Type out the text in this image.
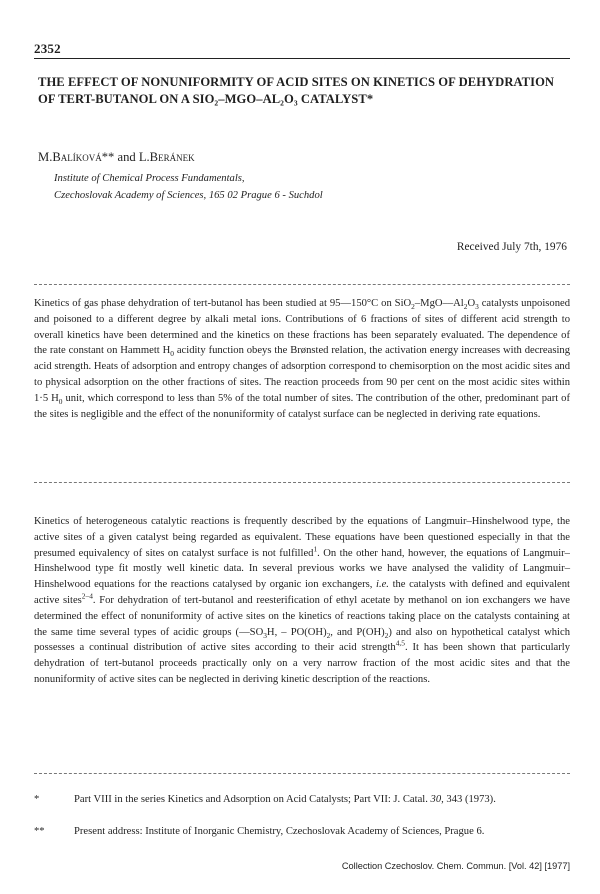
2352
THE EFFECT OF NONUNIFORMITY OF ACID SITES ON KINETICS OF DEHYDRATION OF TERT-BUTANOL ON A SIO₂–MGO–AL₂O₃ CATALYST*
M.Balíková** and L.Beránek
Institute of Chemical Process Fundamentals,
Czechoslovak Academy of Sciences, 165 02 Prague 6 - Suchdol
Received July 7th, 1976

Kinetics of gas phase dehydration of tert-butanol has been studied at 95—150°C on $SiO_2-MgO--Al_2O_3$ catalysts unpoisoned and poisoned to a different degree by alkali metal ions. Contributions of 6 fractions of sites of different acid strength to overall kinetics have been determined and the kinetics on these fractions has been separately evaluated. The dependence of the rate constant on Hammett $H_0$ acidity function obeys the Brønsted relation, the activation energy increases with decreasing acid strength. Heats of adsorption and entropy changes of adsorption correspond to chemisorption on the most acidic sites and to physical adsorption on the other fractions of sites. The reaction proceeds from 90 per cent on the most acidic sites within 1·5 $H_0$ unit, which correspond to less than 5% of the total number of sites. The contribution of the other, predominant part of the sites is negligible and the effect of the nonuniformity of catalyst surface can be neglected in deriving rate equations.

Kinetics of heterogeneous catalytic reactions is frequently described by the equations of Langmuir–Hinshelwood type, the active sites of a given catalyst being regarded as equivalent. These equations have been questioned especially in that the presumed equivalency of sites on catalyst surface is not fulfilled$^1$. On the other hand, however, the equations of Langmuir–Hinshelwood type fit mostly well kinetic data. In several previous works we have analysed the validity of Langmuir–Hinshelwood equations for the reactions catalysed by organic ion exchangers, i.e. the catalysts with defined and equivalent active sites$^{2-4}$. For dehydration of tert-butanol and reesterification of ethyl acetate by methanol on ion exchangers we have determined the effect of nonuniformity of active sites on the kinetics of reactions taking place on the catalysts containing at the same time several types of acidic groups ($—SO_3H$, – $PO(OH)_2$, and $P(OH)_2$) and also on hypothetical catalyst which possesses a continual distribution of active sites according to their acid strength$^{4,5}$. It has been shown that particularly dehydration of tert-butanol proceeds practically only on a very narrow fraction of the most acidic sites and that the nonuniformity of active sites can be neglected in deriving kinetic description of the reactions.

*	Part VIII in the series Kinetics and Adsorption on Acid Catalysts; Part VII: J. Catal. 30, 343 (1973).
**	Present address: Institute of Inorganic Chemistry, Czechoslovak Academy of Sciences, Prague 6.
Collection Czechoslov. Chem. Commun. [Vol. 42] [1977]
